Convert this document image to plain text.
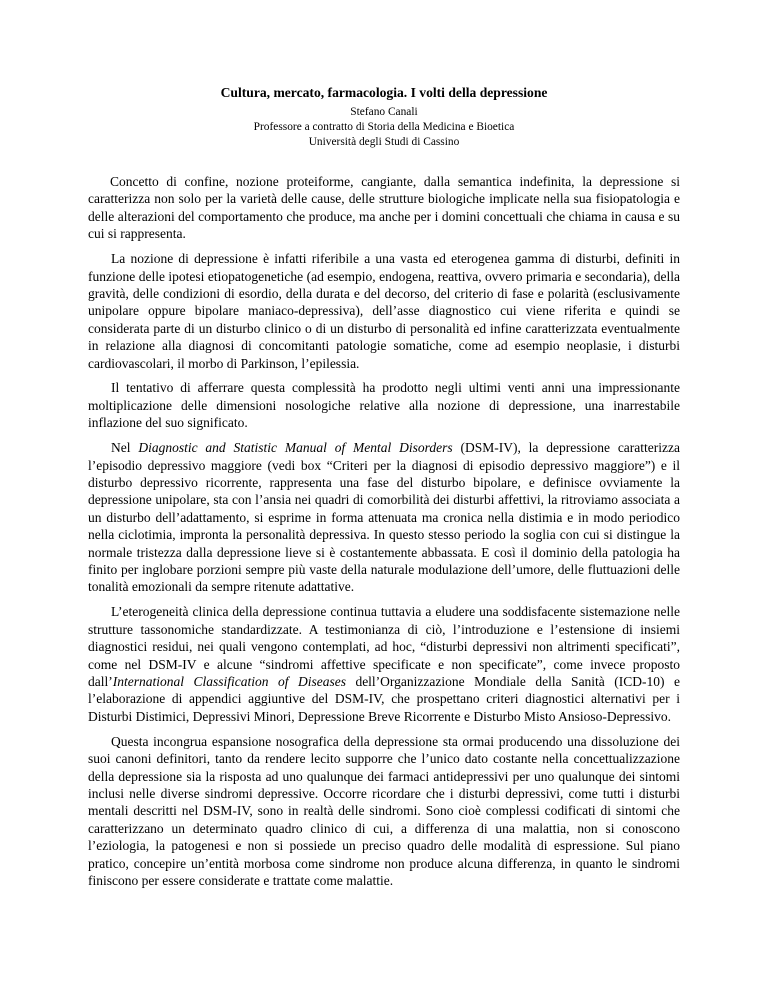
Cultura, mercato, farmacologia. I volti della depressione
Stefano Canali
Professore a contratto di Storia della Medicina e Bioetica
Università degli Studi di Cassino

Concetto di confine, nozione proteiforme, cangiante, dalla semantica indefinita, la depressione si caratterizza non solo per la varietà delle cause, delle strutture biologiche implicate nella sua fisiopatologia e delle alterazioni del comportamento che produce, ma anche per i domini concettuali che chiama in causa e su cui si rappresenta.

La nozione di depressione è infatti riferibile a una vasta ed eterogenea gamma di disturbi, definiti in funzione delle ipotesi etiopatogenetiche (ad esempio, endogena, reattiva, ovvero primaria e secondaria), della gravità, delle condizioni di esordio, della durata e del decorso, del criterio di fase e polarità (esclusivamente unipolare oppure bipolare maniaco-depressiva), dell’asse diagnostico cui viene riferita e quindi se considerata parte di un disturbo clinico o di un disturbo di personalità ed infine caratterizzata eventualmente in relazione alla diagnosi di concomitanti patologie somatiche, come ad esempio neoplasie, i disturbi cardiovascolari, il morbo di Parkinson, l’epilessia.

Il tentativo di afferrare questa complessità ha prodotto negli ultimi venti anni una impressionante moltiplicazione delle dimensioni nosologiche relative alla nozione di depressione, una inarrestabile inflazione del suo significato.

Nel Diagnostic and Statistic Manual of Mental Disorders (DSM-IV), la depressione caratterizza l’episodio depressivo maggiore (vedi box “Criteri per la diagnosi di episodio depressivo maggiore”) e il disturbo depressivo ricorrente, rappresenta una fase del disturbo bipolare, e definisce ovviamente la depressione unipolare, sta con l’ansia nei quadri di comorbilità dei disturbi affettivi, la ritroviamo associata a un disturbo dell’adattamento, si esprime in forma attenuata ma cronica nella distimia e in modo periodico nella ciclotimia, impronta la personalità depressiva. In questo stesso periodo la soglia con cui si distingue la normale tristezza dalla depressione lieve si è costantemente abbassata. E così il dominio della patologia ha finito per inglobare porzioni sempre più vaste della naturale modulazione dell’umore, delle fluttuazioni delle tonalità emozionali da sempre ritenute adattative.

L’eterogeneità clinica della depressione continua tuttavia a eludere una soddisfacente sistemazione nelle strutture tassonomiche standardizzate. A testimonianza di ciò, l’introduzione e l’estensione di insiemi diagnostici residui, nei quali vengono contemplati, ad hoc, “disturbi depressivi non altrimenti specificati”, come nel DSM-IV e alcune “sindromi affettive specificate e non specificate”, come invece proposto dall’International Classification of Diseases dell’Organizzazione Mondiale della Sanità (ICD-10) e l’elaborazione di appendici aggiuntive del DSM-IV, che prospettano criteri diagnostici alternativi per i Disturbi Distimici, Depressivi Minori, Depressione Breve Ricorrente e Disturbo Misto Ansioso-Depressivo.

Questa incongrua espansione nosografica della depressione sta ormai producendo una dissoluzione dei suoi canoni definitori, tanto da rendere lecito supporre che l’unico dato costante nella concettualizzazione della depressione sia la risposta ad uno qualunque dei farmaci antidepressivi per uno qualunque dei sintomi inclusi nelle diverse sindromi depressive. Occorre ricordare che i disturbi depressivi, come tutti i disturbi mentali descritti nel DSM-IV, sono in realtà delle sindromi. Sono cioè complessi codificati di sintomi che caratterizzano un determinato quadro clinico di cui, a differenza di una malattia, non si conoscono l’eziologia, la patogenesi e non si possiede un preciso quadro delle modalità di espressione. Sul piano pratico, concepire un’entità morbosa come sindrome non produce alcuna differenza, in quanto le sindromi finiscono per essere considerate e trattate come malattie.
